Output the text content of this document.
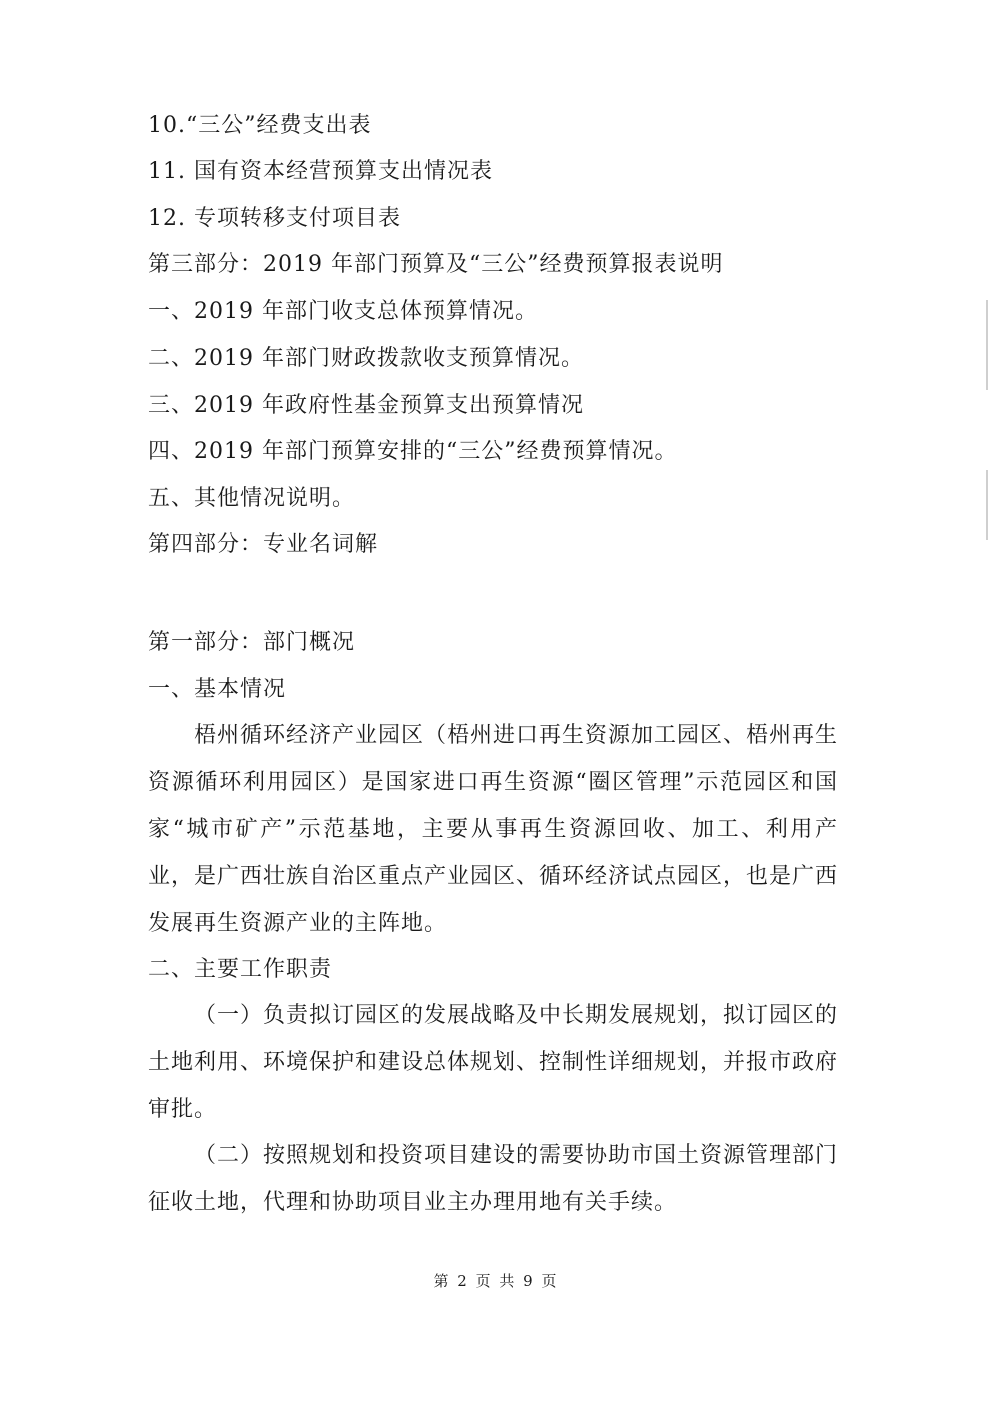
10.“三公”经费支出表
11. 国有资本经营预算支出情况表
12. 专项转移支付项目表
第三部分：2019 年部门预算及“三公”经费预算报表说明
一、2019 年部门收支总体预算情况。
二、2019 年部门财政拨款收支预算情况。
三、2019 年政府性基金预算支出预算情况
四、2019 年部门预算安排的“三公”经费预算情况。
五、其他情况说明。
第四部分：专业名词解
第一部分：部门概况
一、基本情况
梧州循环经济产业园区（梧州进口再生资源加工园区、梧州再生资源循环利用园区）是国家进口再生资源“圈区管理”示范园区和国家“城市矿产”示范基地，主要从事再生资源回收、加工、利用产业，是广西壮族自治区重点产业园区、循环经济试点园区，也是广西发展再生资源产业的主阵地。
二、主要工作职责
（一）负责拟订园区的发展战略及中长期发展规划，拟订园区的土地利用、环境保护和建设总体规划、控制性详细规划，并报市政府审批。
（二）按照规划和投资项目建设的需要协助市国土资源管理部门征收土地，代理和协助项目业主办理用地有关手续。
第 2 页 共 9 页
